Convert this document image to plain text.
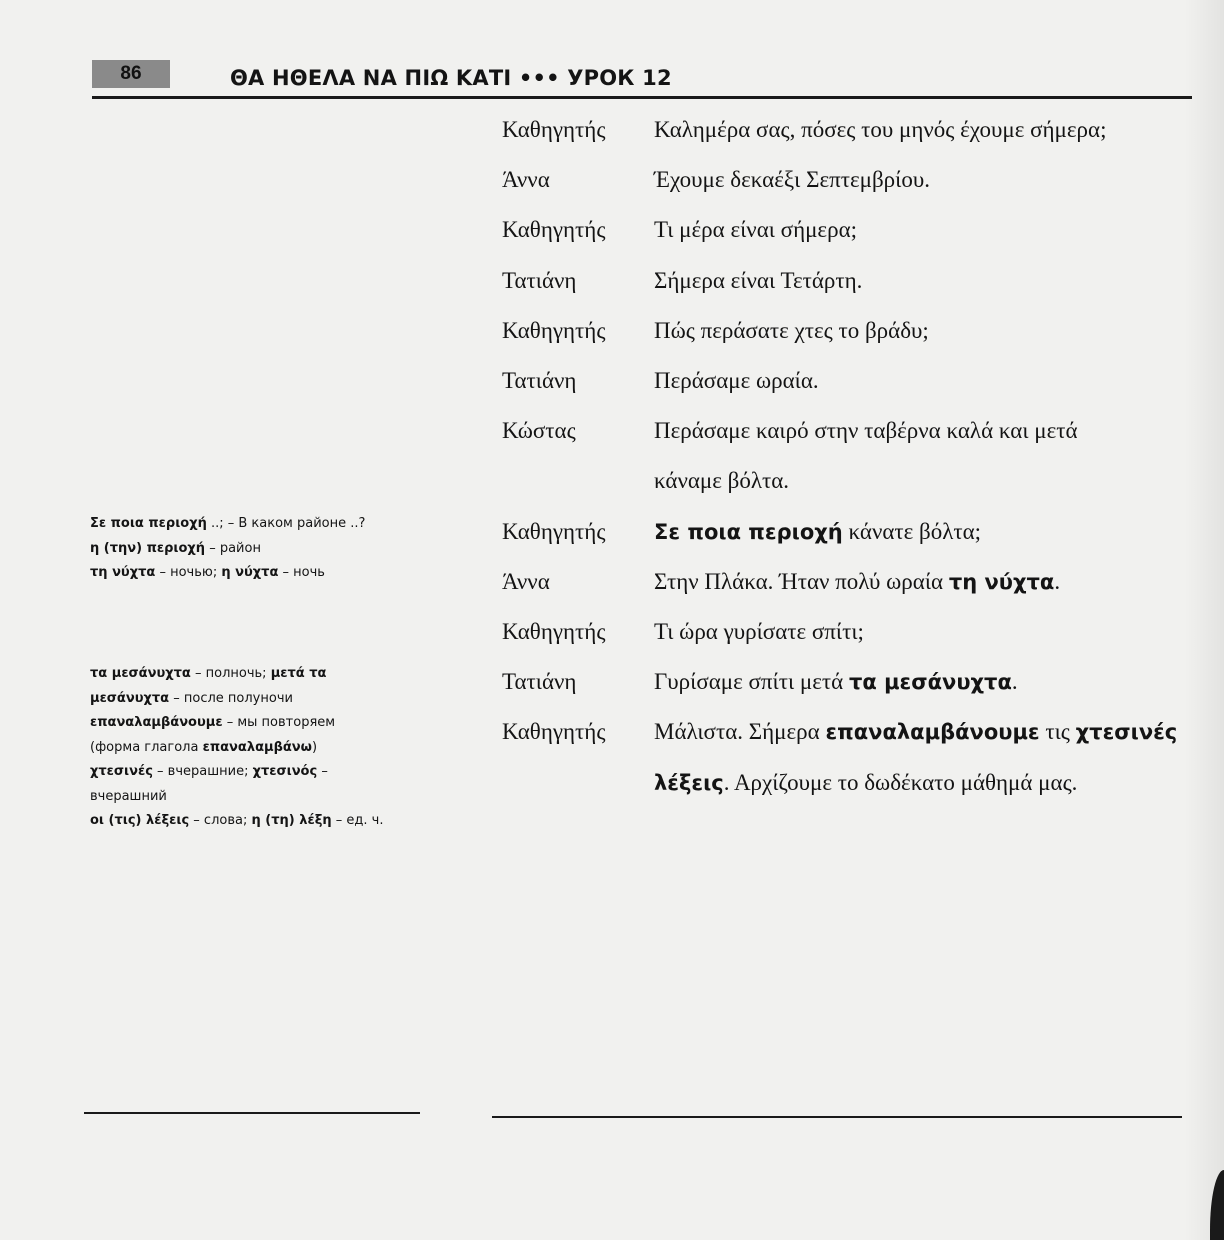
86	ΘΑ ΗΘΕΛΑ ΝΑ ΠΙΩ ΚΑΤΙ ••• УРОК 12
Καθηγητής Καλημέρα σας, πόσες του μηνός έχουμε σήμερα;
Άννα	Έχουμε δεκαέξι Σεπτεμβρίου.
Καθηγητής Τι μέρα είναι σήμερα;
Τατιάνη	Σήμερα είναι Τετάρτη.
Καθηγητής Πώς περάσατε χτες το βράδυ;
Τατιάνη	Περάσαμε ωραία.
Κώστας	Περάσαμε καιρό στην ταβέρνα καλά και μετά
κάναμε βόλτα.
Καθηγητής Σε ποια περιοχή κάνατε βόλτα;
Άννα	Στην Πλάκα. Ήταν πολύ ωραία τη νύχτα.
Καθηγητής Τι ώρα γυρίσατε σπίτι;
Τατιάνη	Γυρίσαμε σπίτι μετά τα μεσάνυχτα.
Καθηγητής Μάλιστα. Σήμερα επαναλαμβάνουμε τις χτεσινές
λέξεις. Αρχίζουμε το δωδέκατο μάθημά μας.
Σε ποια περιοχή ..; – В каком районе ..?
η (την) περιοχή – район
τη νύχτα – ночью; η νύχτα – ночь
τα μεσάνυχτα – полночь; μετά τα
μεσάνυχτα – после полуночи
επαναλαμβάνουμε – мы повторяем
(форма глагола επαναλαμβάνω)
χτεσινές – вчерашние; χτεσινός –
вчерашний
οι (τις) λέξεις – слова; η (τη) λέξη – ед. ч.
